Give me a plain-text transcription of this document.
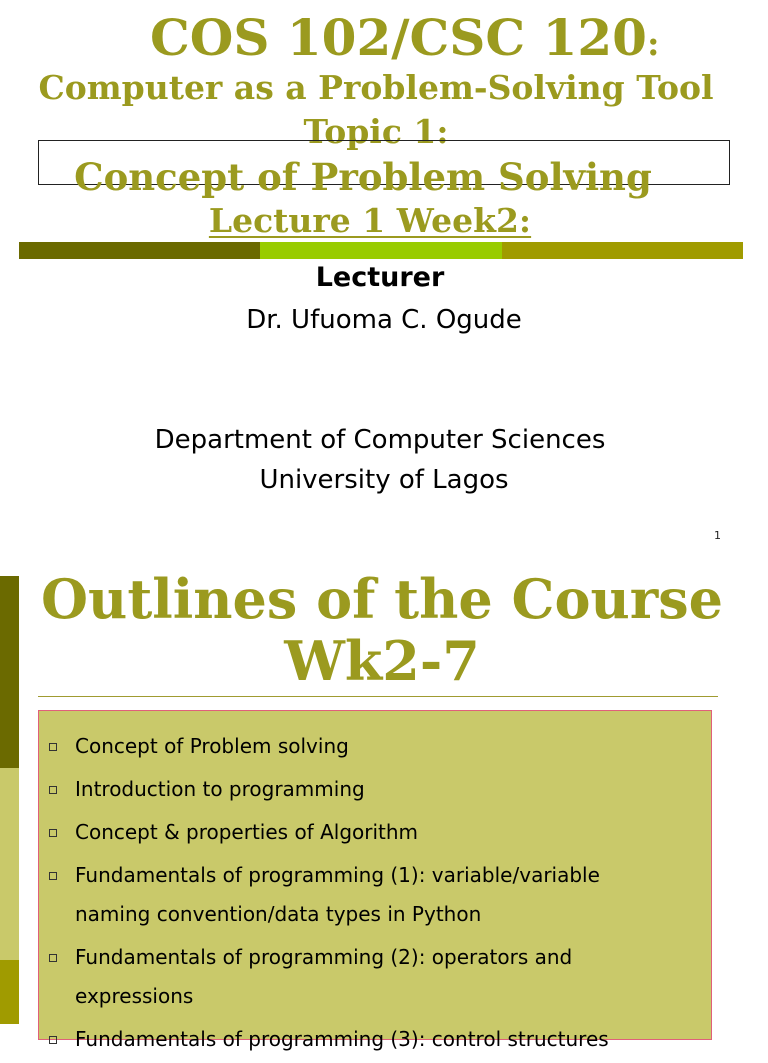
COS 102/CSC 120:
Computer as a Problem-Solving Tool
Topic 1:
Concept of Problem Solving
Lecture 1 Week2:
Lecturer
Dr. Ufuoma C. Ogude
Department of Computer Sciences
University of Lagos
1
Outlines of the Course
Wk2-7
Concept of Problem solving
Introduction to programming
Concept & properties of Algorithm
Fundamentals of programming (1): variable/variable naming convention/data types in Python
Fundamentals of programming (2): operators and expressions
Fundamentals of programming (3): control structures
